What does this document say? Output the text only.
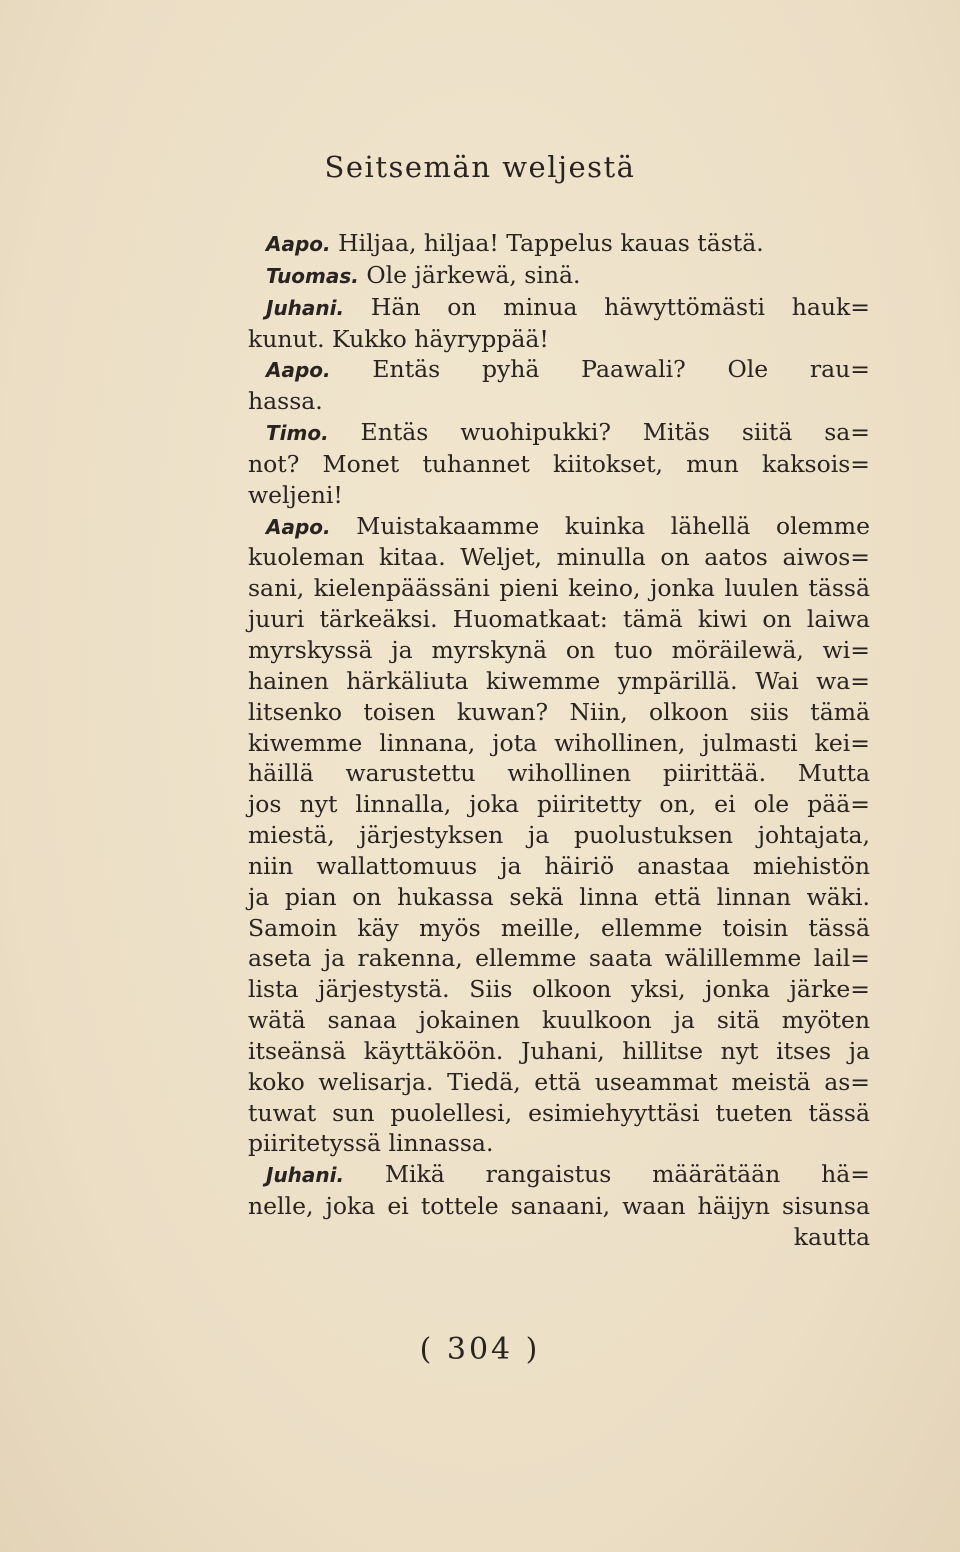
Seitsemän weljestä
Aapo. Hiljaa, hiljaa! Tappelus kauas tästä.
Tuomas. Ole järkewä, sinä.
Juhani. Hän on minua häwyttömästi hauk=
kunut. Kukko häyryppää!
Aapo. Entäs pyhä Paawali? Ole rau=
hassa.
Timo. Entäs wuohipukki? Mitäs siitä sa=
not? Monet tuhannet kiitokset, mun kaksois=
weljeni!
Aapo. Muistakaamme kuinka lähellä olemme
kuoleman kitaa. Weljet, minulla on aatos aiwos=
sani, kielenpäässäni pieni keino, jonka luulen tässä
juuri tärkeäksi. Huomatkaat: tämä kiwi on laiwa
myrskyssä ja myrskynä on tuo möräilewä, wi=
hainen härkäliuta kiwemme ympärillä. Wai wa=
litsenko toisen kuwan? Niin, olkoon siis tämä
kiwemme linnana, jota wihollinen, julmasti kei=
häillä warustettu wihollinen piirittää. Mutta
jos nyt linnalla, joka piiritetty on, ei ole pää=
miestä, järjestyksen ja puolustuksen johtajata,
niin wallattomuus ja häiriö anastaa miehistön
ja pian on hukassa sekä linna että linnan wäki.
Samoin käy myös meille, ellemme toisin tässä
aseta ja rakenna, ellemme saata wälillemme lail=
lista järjestystä. Siis olkoon yksi, jonka järke=
wätä sanaa jokainen kuulkoon ja sitä myöten
itseänsä käyttäköön. Juhani, hillitse nyt itses ja
koko welisarja. Tiedä, että useammat meistä as=
tuwat sun puolellesi, esimiehyyttäsi tueten tässä
piiritetyssä linnassa.
Juhani. Mikä rangaistus määrätään hä=
nelle, joka ei tottele sanaani, waan häijyn sisunsa
kautta
( 304 )
